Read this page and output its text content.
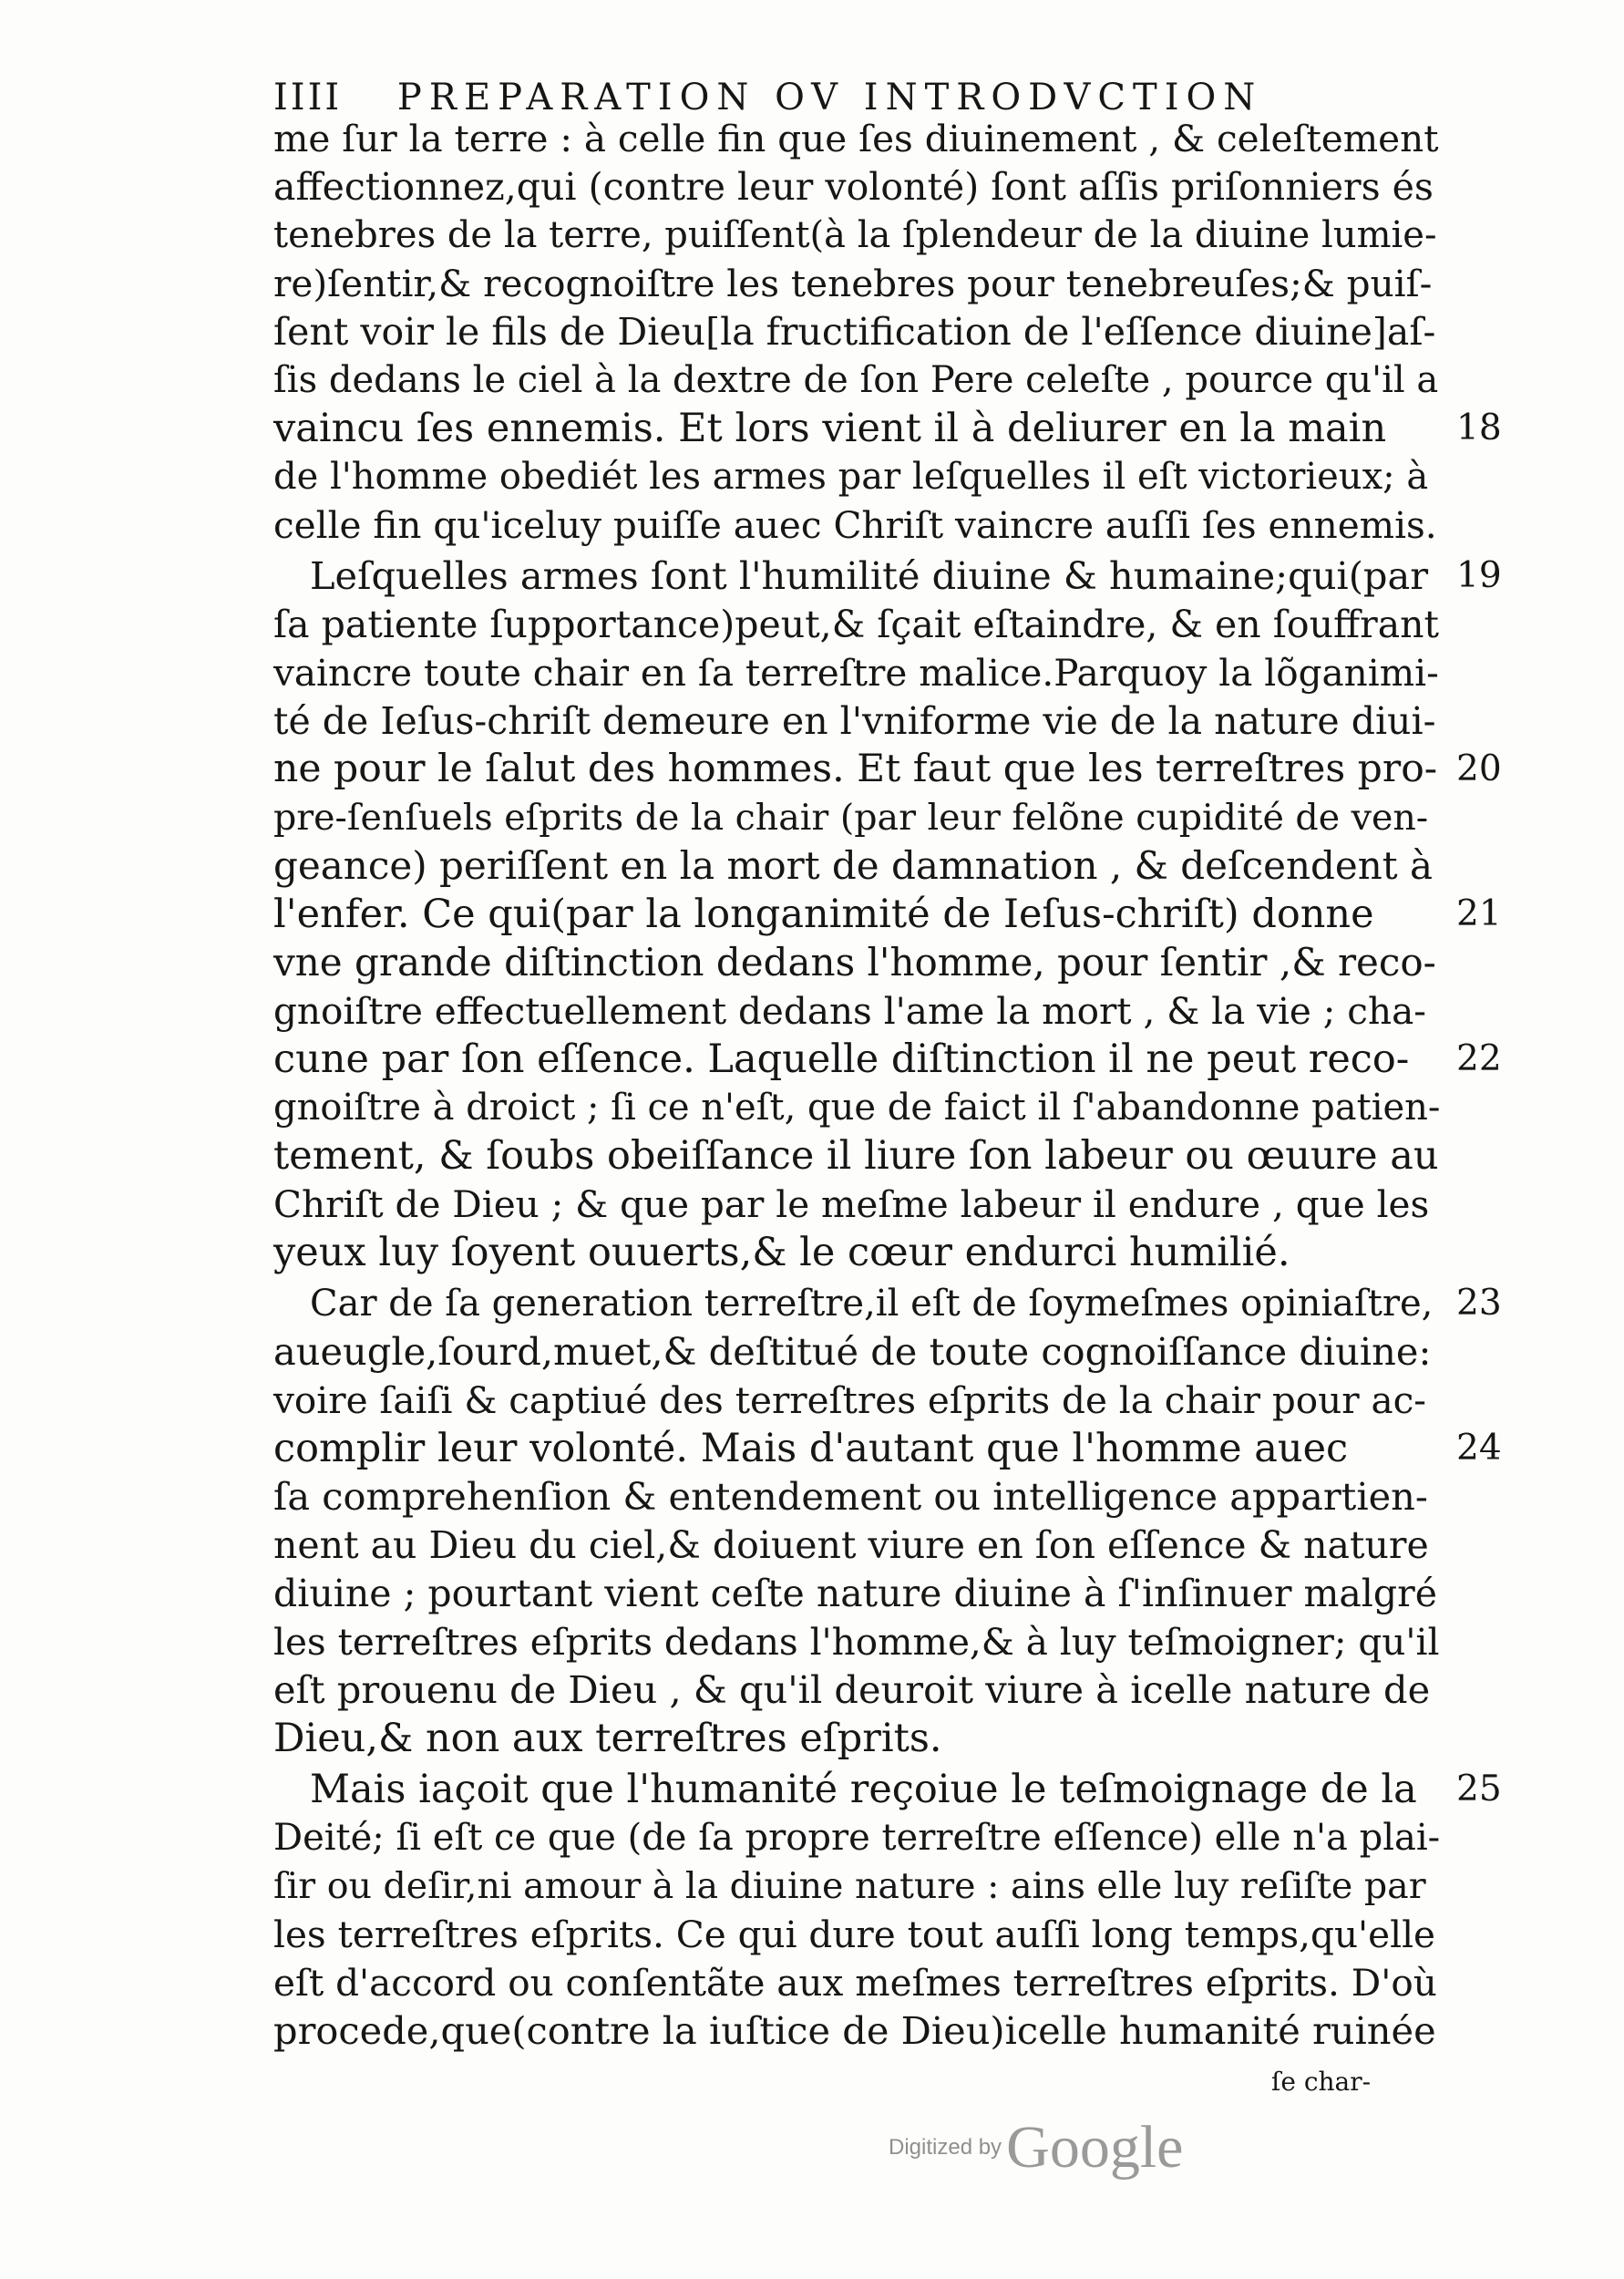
IIII PREPARATION OV INTRODVCTION
me ſur la terre : à celle fin que ſes diuinement , & celeſtement
affectionnez,qui (contre leur volonté) ſont aſſis priſonniers és
tenebres de la terre, puiſſent(à la ſplendeur de la diuine lumie-
re)ſentir,& recognoiſtre les tenebres pour tenebreuſes;& puiſ-
ſent voir le fils de Dieu[la fructification de l'eſſence diuine]aſ-
ſis dedans le ciel à la dextre de ſon Pere celeſte , pource qu'il a
vaincu ſes ennemis. Et lors vient il à deliurer en la main
de l'homme obediét les armes par leſquelles il eſt victorieux; à
celle fin qu'iceluy puiſſe auec Chriſt vaincre auſſi ſes ennemis.
Leſquelles armes ſont l'humilité diuine & humaine;qui(par
ſa patiente ſupportance)peut,& ſçait eſtaindre, & en ſouffrant
vaincre toute chair en ſa terreſtre malice.Parquoy la lõganimi-
té de Ieſus-chriſt demeure en l'vniforme vie de la nature diui-
ne pour le ſalut des hommes. Et faut que les terreſtres pro-
pre-ſenſuels eſprits de la chair (par leur felõne cupidité de ven-
geance) periſſent en la mort de damnation , & deſcendent à
l'enfer. Ce qui(par la longanimité de Ieſus-chriſt) donne
vne grande diſtinction dedans l'homme, pour ſentir ,& reco-
gnoiſtre effectuellement dedans l'ame la mort , & la vie ; cha-
cune par ſon eſſence. Laquelle diſtinction il ne peut reco-
gnoiſtre à droict ; ſi ce n'eſt, que de faict il ſ'abandonne patien-
tement, & ſoubs obeiſſance il liure ſon labeur ou œuure au
Chriſt de Dieu ; & que par le meſme labeur il endure , que les
yeux luy ſoyent ouuerts,& le cœur endurci humilié.
Car de ſa generation terreſtre,il eſt de ſoymeſmes opiniaſtre,
aueugle,ſourd,muet,& deſtitué de toute cognoiſſance diuine:
voire ſaiſi & captiué des terreſtres eſprits de la chair pour ac-
complir leur volonté. Mais d'autant que l'homme auec
ſa comprehenſion & entendement ou intelligence appartien-
nent au Dieu du ciel,& doiuent viure en ſon eſſence & nature
diuine ; pourtant vient ceſte nature diuine à ſ'inſinuer malgré
les terreſtres eſprits dedans l'homme,& à luy teſmoigner; qu'il
eſt prouenu de Dieu , & qu'il deuroit viure à icelle nature de
Dieu,& non aux terreſtres eſprits.
Mais iaçoit que l'humanité reçoiue le teſmoignage de la
Deité; ſi eſt ce que (de ſa propre terreſtre eſſence) elle n'a plai-
ſir ou deſir,ni amour à la diuine nature : ains elle luy reſiſte par
les terreſtres eſprits. Ce qui dure tout auſſi long temps,qu'elle
eſt d'accord ou conſentãte aux meſmes terreſtres eſprits. D'où
procede,que(contre la iuſtice de Dieu)icelle humanité ruinée
ſe char-
18
19
20
21
22
23
24
25
Digitized by Google
